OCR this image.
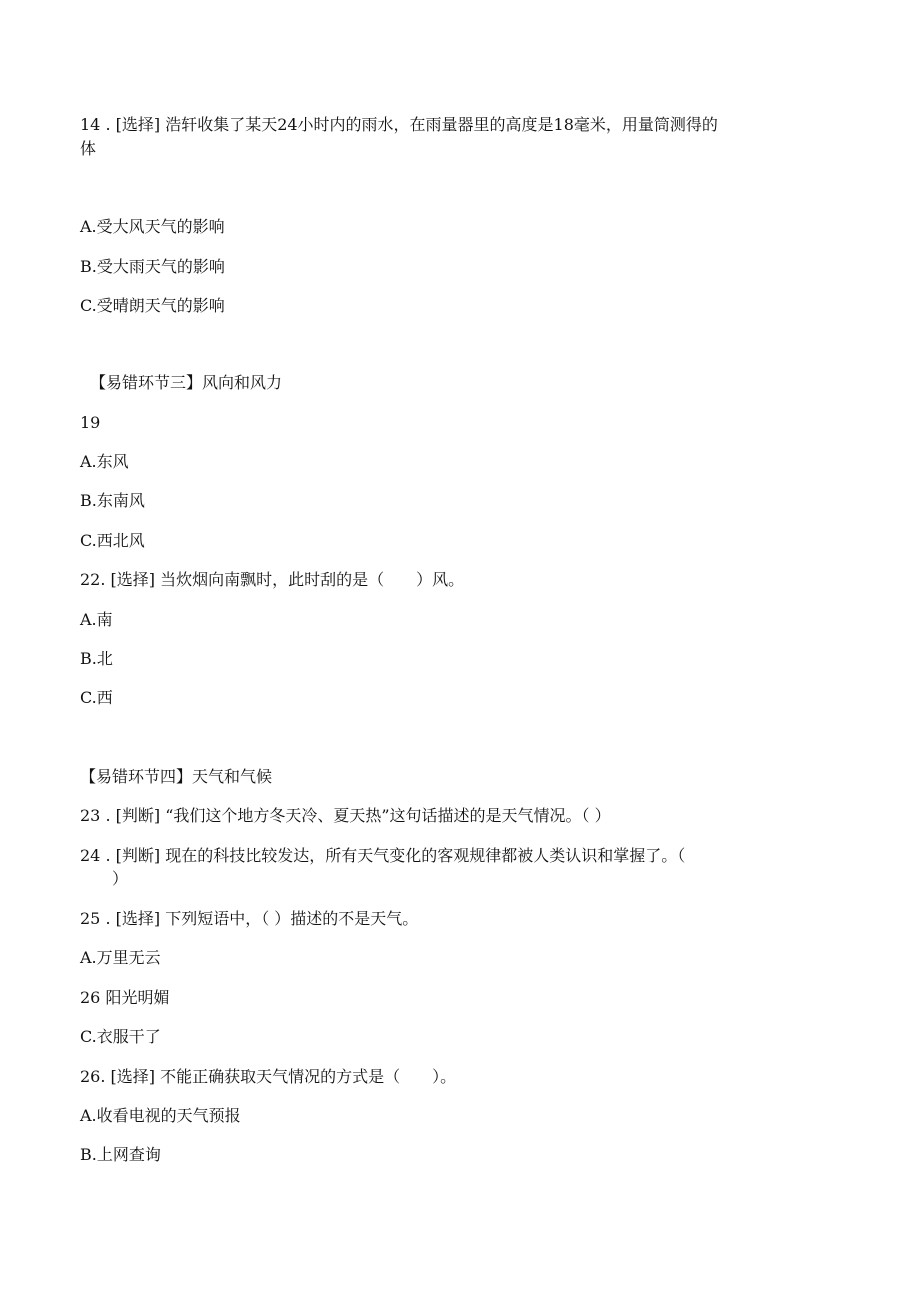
14 . [选择] 浩轩收集了某天24小时内的雨水，在雨量器里的高度是18毫米，用量筒测得的
体
A.受大风天气的影响
B.受大雨天气的影响
C.受晴朗天气的影响
【易错环节三】风向和风力
19
A.东风
B.东南风
C.西北风
22. [选择] 当炊烟向南飘时，此时刮的是（　　）风。
A.南
B.北
C.西
【易错环节四】天气和气候
23 . [判断] “我们这个地方冬天冷、夏天热”这句话描述的是天气情况。（ ）
24 . [判断] 现在的科技比较发达，所有天气变化的客观规律都被人类认识和掌握了。（
）
25 . [选择] 下列短语中，（ ）描述的不是天气。
A.万里无云
26 阳光明媚
C.衣服干了
26. [选择] 不能正确获取天气情况的方式是（　　）。
A.收看电视的天气预报
B.上网查询
